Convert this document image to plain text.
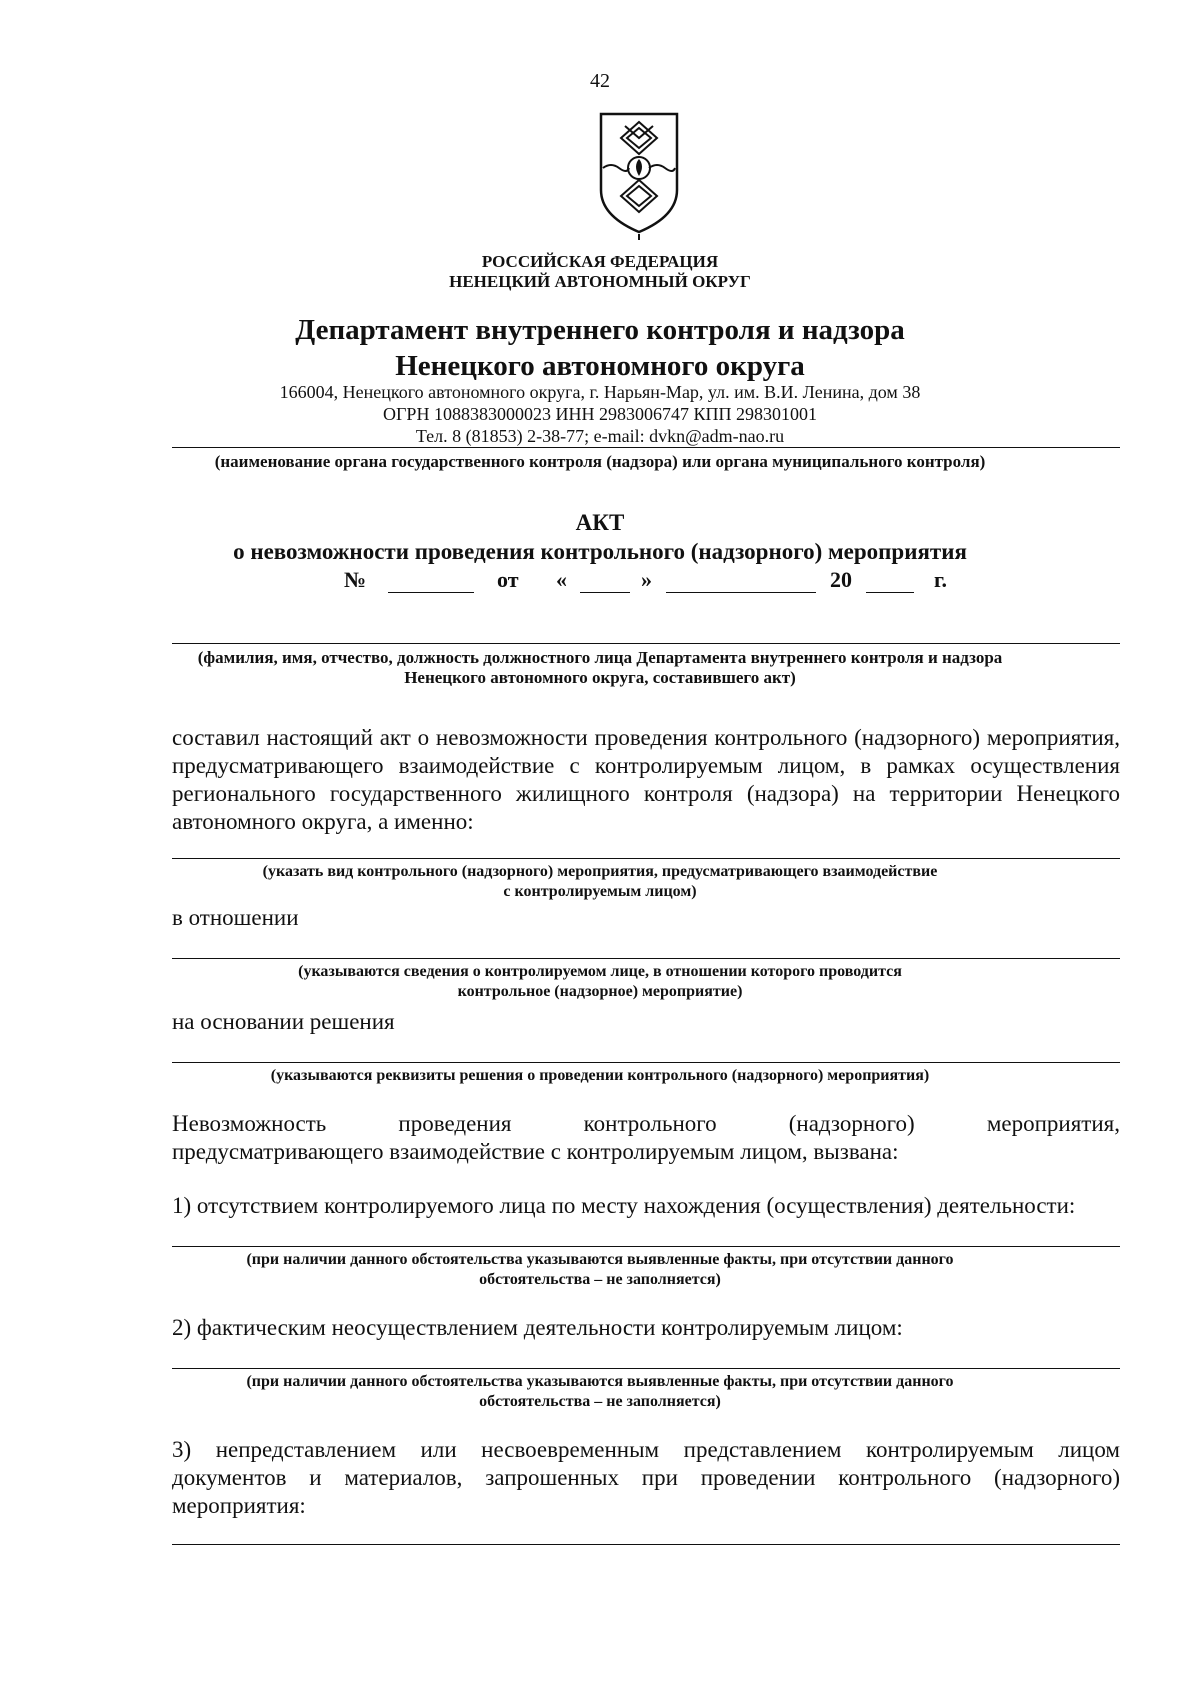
42
РОССИЙСКАЯ ФЕДЕРАЦИЯ
НЕНЕЦКИЙ АВТОНОМНЫЙ ОКРУГ
Департамент внутреннего контроля и надзора
Ненецкого автономного округа
166004, Ненецкого автономного округа, г. Нарьян-Мар, ул. им. В.И. Ленина, дом 38
ОГРН 1088383000023 ИНН 2983006747 КПП 298301001
Тел. 8 (81853) 2-38-77; e-mail: dvkn@adm-nao.ru
(наименование органа государственного контроля (надзора) или органа муниципального контроля)
АКТ
о невозможности проведения контрольного (надзорного) мероприятия
№	от «	»	20	г.
(фамилия, имя, отчество, должность должностного лица Департамента внутреннего контроля и надзора
Ненецкого автономного округа, составившего акт)
составил настоящий акт о невозможности проведения контрольного (надзорного) мероприятия, предусматривающего взаимодействие с контролируемым лицом, в рамках осуществления регионального государственного жилищного контроля (надзора) на территории Ненецкого автономного округа, а именно:
(указать вид контрольного (надзорного) мероприятия, предусматривающего взаимодействие
с контролируемым лицом)
в отношении
(указываются сведения о контролируемом лице, в отношении которого проводится
контрольное (надзорное) мероприятие)
на основании решения
(указываются реквизиты решения о проведении контрольного (надзорного) мероприятия)
Невозможность проведения контрольного (надзорного) мероприятия,
предусматривающего взаимодействие с контролируемым лицом, вызвана:
1) отсутствием контролируемого лица по месту нахождения (осуществления) деятельности:
(при наличии данного обстоятельства указываются выявленные факты, при отсутствии данного
обстоятельства – не заполняется)
2) фактическим неосуществлением деятельности контролируемым лицом:
(при наличии данного обстоятельства указываются выявленные факты, при отсутствии данного
обстоятельства – не заполняется)
3) непредставлением или несвоевременным представлением контролируемым лицом документов и материалов, запрошенных при проведении контрольного (надзорного) мероприятия:
